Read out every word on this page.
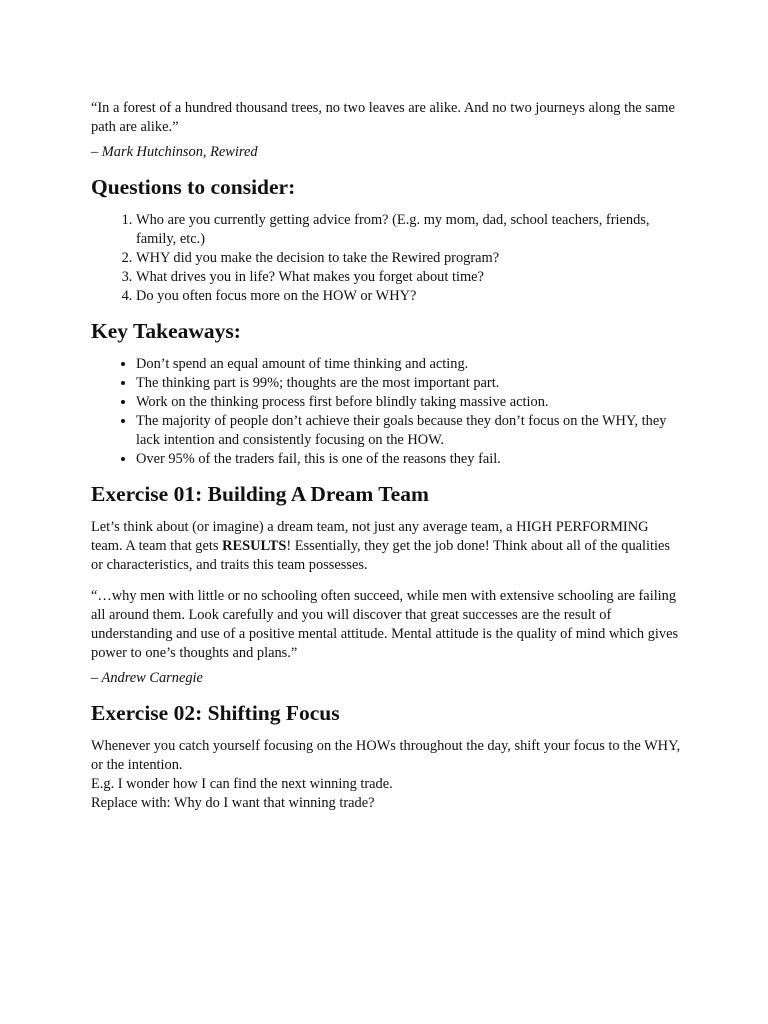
“In a forest of a hundred thousand trees, no two leaves are alike. And no two journeys along the same path are alike.”

– Mark Hutchinson, Rewired

Questions to consider:
1. Who are you currently getting advice from? (E.g. my mom, dad, school teachers, friends, family, etc.)
2. WHY did you make the decision to take the Rewired program?
3. What drives you in life? What makes you forget about time?
4. Do you often focus more on the HOW or WHY?
Key Takeaways:
• Don’t spend an equal amount of time thinking and acting.
• The thinking part is 99%; thoughts are the most important part.
• Work on the thinking process first before blindly taking massive action.
• The majority of people don’t achieve their goals because they don’t focus on the WHY, they lack intention and consistently focusing on the HOW.
• Over 95% of the traders fail, this is one of the reasons they fail.
Exercise 01: Building A Dream Team

Let’s think about (or imagine) a dream team, not just any average team, a HIGH PERFORMING team. A team that gets RESULTS! Essentially, they get the job done! Think about all of the qualities or characteristics, and traits this team possesses.

“…why men with little or no schooling often succeed, while men with extensive schooling are failing all around them. Look carefully and you will discover that great successes are the result of understanding and use of a positive mental attitude. Mental attitude is the quality of mind which gives power to one’s thoughts and plans.”

– Andrew Carnegie

Exercise 02: Shifting Focus

Whenever you catch yourself focusing on the HOWs throughout the day, shift your focus to the WHY, or the intention.

E.g. I wonder how I can find the next winning trade.

Replace with: Why do I want that winning trade?
